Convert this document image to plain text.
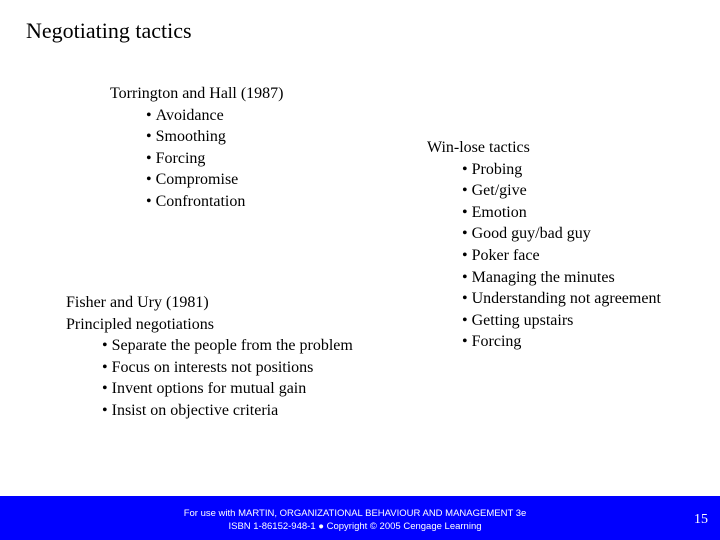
Negotiating tactics
Torrington and Hall (1987)
• Avoidance
• Smoothing
• Forcing
• Compromise
• Confrontation
Fisher and Ury (1981)
Principled negotiations
• Separate the people from the problem
• Focus on interests not positions
• Invent options for mutual gain
• Insist on objective criteria
Win-lose tactics
• Probing
• Get/give
• Emotion
• Good guy/bad guy
• Poker face
• Managing the minutes
• Understanding not agreement
• Getting upstairs
• Forcing
For use with MARTIN, ORGANIZATIONAL BEHAVIOUR AND MANAGEMENT 3e
ISBN 1-86152-948-1 ● Copyright © 2005 Cengage Learning	15
